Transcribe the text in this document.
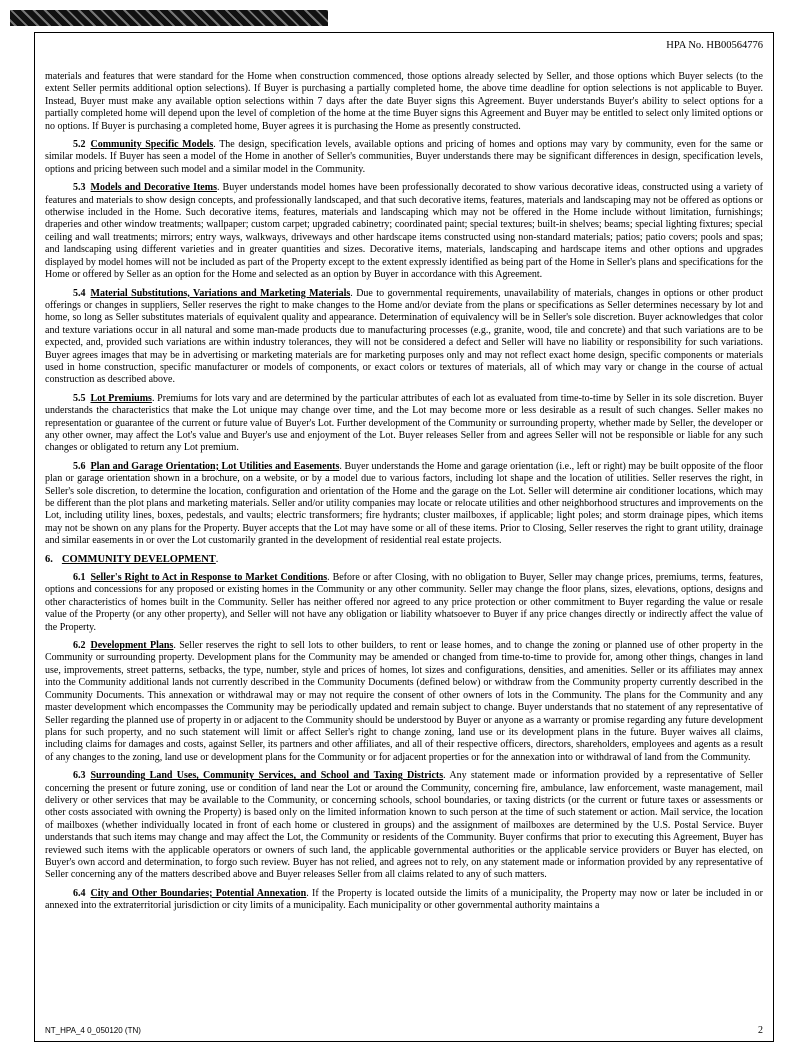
HPA No. HB00564776

materials and features that were standard for the Home when construction commenced, those options already selected by Seller, and those options which Buyer selects (to the extent Seller permits additional option selections). If Buyer is purchasing a partially completed home, the above time deadline for option selections is not applicable to Buyer. Instead, Buyer must make any available option selections within 7 days after the date Buyer signs this Agreement. Buyer understands Buyer's ability to select options for a partially completed home will depend upon the level of completion of the home at the time Buyer signs this Agreement and Buyer may be entitled to select only limited options or no options. If Buyer is purchasing a completed home, Buyer agrees it is purchasing the Home as presently constructed.

5.2 Community Specific Models. The design, specification levels, available options and pricing of homes and options may vary by community, even for the same or similar models. If Buyer has seen a model of the Home in another of Seller's communities, Buyer understands there may be significant differences in design, specification levels, options and pricing between such model and a similar model in the Community.

5.3 Models and Decorative Items. Buyer understands model homes have been professionally decorated to show various decorative ideas, constructed using a variety of features and materials to show design concepts, and professionally landscaped, and that such decorative items, features, materials and landscaping may not be offered as options or otherwise included in the Home. Such decorative items, features, materials and landscaping which may not be offered in the Home include without limitation, furnishings; draperies and other window treatments; wallpaper; custom carpet; upgraded cabinetry; coordinated paint; special textures; built-in shelves; beams; special lighting fixtures; special ceiling and wall treatments; mirrors; entry ways, walkways, driveways and other hardscape items constructed using non-standard materials; patios; patio covers; pools and spas; and landscaping using different varieties and in greater quantities and sizes. Decorative items, materials, landscaping and hardscape items and other options and upgrades displayed by model homes will not be included as part of the Property except to the extent expressly identified as being part of the Home in Seller's plans and specifications for the Home or offered by Seller as an option for the Home and selected as an option by Buyer in accordance with this Agreement.

5.4 Material Substitutions, Variations and Marketing Materials. Due to governmental requirements, unavailability of materials, changes in options or other product offerings or changes in suppliers, Seller reserves the right to make changes to the Home and/or deviate from the plans or specifications as Seller determines necessary by lot and home, so long as Seller substitutes materials of equivalent quality and appearance. Determination of equivalency will be in Seller's sole discretion. Buyer acknowledges that color and texture variations occur in all natural and some man-made products due to manufacturing processes (e.g., granite, wood, tile and concrete) and that such variations are to be expected, and, provided such variations are within industry tolerances, they will not be considered a defect and Seller will have no liability or responsibility for such variations. Buyer agrees images that may be in advertising or marketing materials are for marketing purposes only and may not reflect exact home design, specific components or materials used in home construction, specific manufacturer or models of components, or exact colors or textures of materials, all of which may vary or change in the course of actual construction as described above.

5.5 Lot Premiums. Premiums for lots vary and are determined by the particular attributes of each lot as evaluated from time-to-time by Seller in its sole discretion. Buyer understands the characteristics that make the Lot unique may change over time, and the Lot may become more or less desirable as a result of such changes. Seller makes no representation or guarantee of the current or future value of Buyer's Lot. Further development of the Community or surrounding property, whether made by Seller, the developer or any other owner, may affect the Lot's value and Buyer's use and enjoyment of the Lot. Buyer releases Seller from and agrees Seller will not be responsible or liable for any such changes or obligated to return any Lot premium.

5.6 Plan and Garage Orientation; Lot Utilities and Easements. Buyer understands the Home and garage orientation (i.e., left or right) may be built opposite of the floor plan or garage orientation shown in a brochure, on a website, or by a model due to various factors, including lot shape and the location of utilities. Seller reserves the right, in Seller's sole discretion, to determine the location, configuration and orientation of the Home and the garage on the Lot. Seller will determine air conditioner locations, which may be different than the plot plans and marketing materials. Seller and/or utility companies may locate or relocate utilities and other neighborhood structures and improvements on the Lot, including utility lines, boxes, pedestals, and vaults; electric transformers; fire hydrants; cluster mailboxes, if applicable; light poles; and storm drainage pipes, which items may not be shown on any plans for the Property. Buyer accepts that the Lot may have some or all of these items. Prior to Closing, Seller reserves the right to grant utility, drainage and similar easements in or over the Lot customarily granted in the development of residential real estate projects.

6. COMMUNITY DEVELOPMENT.

6.1 Seller's Right to Act in Response to Market Conditions. Before or after Closing, with no obligation to Buyer, Seller may change prices, premiums, terms, features, options and concessions for any proposed or existing homes in the Community or any other community. Seller may change the floor plans, sizes, elevations, options, designs and other characteristics of homes built in the Community. Seller has neither offered nor agreed to any price protection or other commitment to Buyer regarding the value or resale value of the Property (or any other property), and Seller will not have any obligation or liability whatsoever to Buyer if any price changes directly or indirectly affect the value of the Property.

6.2 Development Plans. Seller reserves the right to sell lots to other builders, to rent or lease homes, and to change the zoning or planned use of other property in the Community or surrounding property. Development plans for the Community may be amended or changed from time-to-time to provide for, among other things, changes in land use, improvements, street patterns, setbacks, the type, number, style and prices of homes, lot sizes and configurations, densities, and amenities. Seller or its affiliates may annex into the Community additional lands not currently described in the Community Documents (defined below) or withdraw from the Community property currently described in the Community Documents. This annexation or withdrawal may or may not require the consent of other owners of lots in the Community. The plans for the Community and any master development which encompasses the Community may be periodically updated and remain subject to change. Buyer understands that no statement of any representative of Seller regarding the planned use of property in or adjacent to the Community should be understood by Buyer or anyone as a warranty or promise regarding any future development plans for such property, and no such statement will limit or affect Seller's right to change zoning, land use or its development plans in the future. Buyer waives all claims, including claims for damages and costs, against Seller, its partners and other affiliates, and all of their respective officers, directors, shareholders, employees and agents as a result of any changes to the zoning, land use or development plans for the Community or for adjacent properties or for the annexation into or withdrawal of land from the Community.

6.3 Surrounding Land Uses, Community Services, and School and Taxing Districts. Any statement made or information provided by a representative of Seller concerning the present or future zoning, use or condition of land near the Lot or around the Community, concerning fire, ambulance, law enforcement, waste management, mail delivery or other services that may be available to the Community, or concerning schools, school boundaries, or taxing districts (or the current or future taxes or assessments or other costs associated with owning the Property) is based only on the limited information known to such person at the time of such statement or action. Mail service, the location of mailboxes (whether individually located in front of each home or clustered in groups) and the assignment of mailboxes are determined by the U.S. Postal Service. Buyer understands that such items may change and may affect the Lot, the Community or residents of the Community. Buyer confirms that prior to executing this Agreement, Buyer has reviewed such items with the applicable operators or owners of such land, the applicable governmental authorities or the applicable service providers or Buyer has elected, on Buyer's own accord and determination, to forgo such review. Buyer has not relied, and agrees not to rely, on any statement made or information provided by any representative of Seller concerning any of the matters described above and Buyer releases Seller from all claims related to any of such matters.

6.4 City and Other Boundaries; Potential Annexation. If the Property is located outside the limits of a municipality, the Property may now or later be included in or annexed into the extraterritorial jurisdiction or city limits of a municipality. Each municipality or other governmental authority maintains a

NT_HPA_4 0_050120 (TN)	2
